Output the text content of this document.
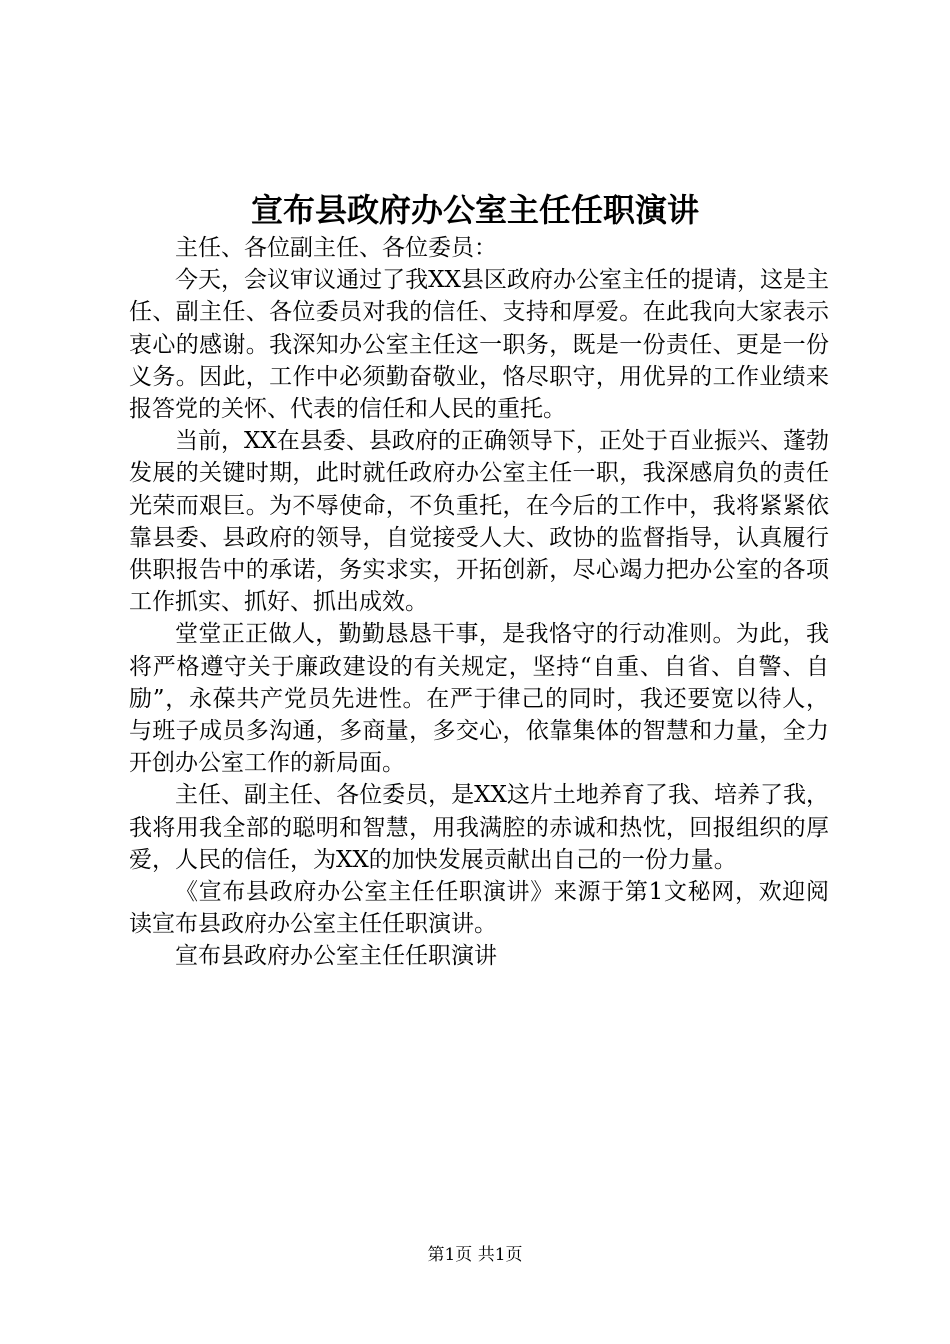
宣布县政府办公室主任任职演讲

主任、各位副主任、各位委员：

今天，会议审议通过了我XX县区政府办公室主任的提请，这是主任、副主任、各位委员对我的信任、支持和厚爱。在此我向大家表示衷心的感谢。我深知办公室主任这一职务，既是一份责任、更是一份义务。因此，工作中必须勤奋敬业，恪尽职守，用优异的工作业绩来报答党的关怀、代表的信任和人民的重托。

当前，XX在县委、县政府的正确领导下，正处于百业振兴、蓬勃发展的关键时期，此时就任政府办公室主任一职，我深感肩负的责任光荣而艰巨。为不辱使命，不负重托，在今后的工作中，我将紧紧依靠县委、县政府的领导，自觉接受人大、政协的监督指导，认真履行供职报告中的承诺，务实求实，开拓创新，尽心竭力把办公室的各项工作抓实、抓好、抓出成效。

堂堂正正做人，勤勤恳恳干事，是我恪守的行动准则。为此，我将严格遵守关于廉政建设的有关规定，坚持“自重、自省、自警、自励”，永葆共产党员先进性。在严于律己的同时，我还要宽以待人，与班子成员多沟通，多商量，多交心，依靠集体的智慧和力量，全力开创办公室工作的新局面。

主任、副主任、各位委员，是XX这片土地养育了我、培养了我，我将用我全部的聪明和智慧，用我满腔的赤诚和热忱，回报组织的厚爱，人民的信任，为XX的加快发展贡献出自己的一份力量。

《宣布县政府办公室主任任职演讲》来源于第1文秘网，欢迎阅读宣布县政府办公室主任任职演讲。

宣布县政府办公室主任任职演讲

第1页 共1页
